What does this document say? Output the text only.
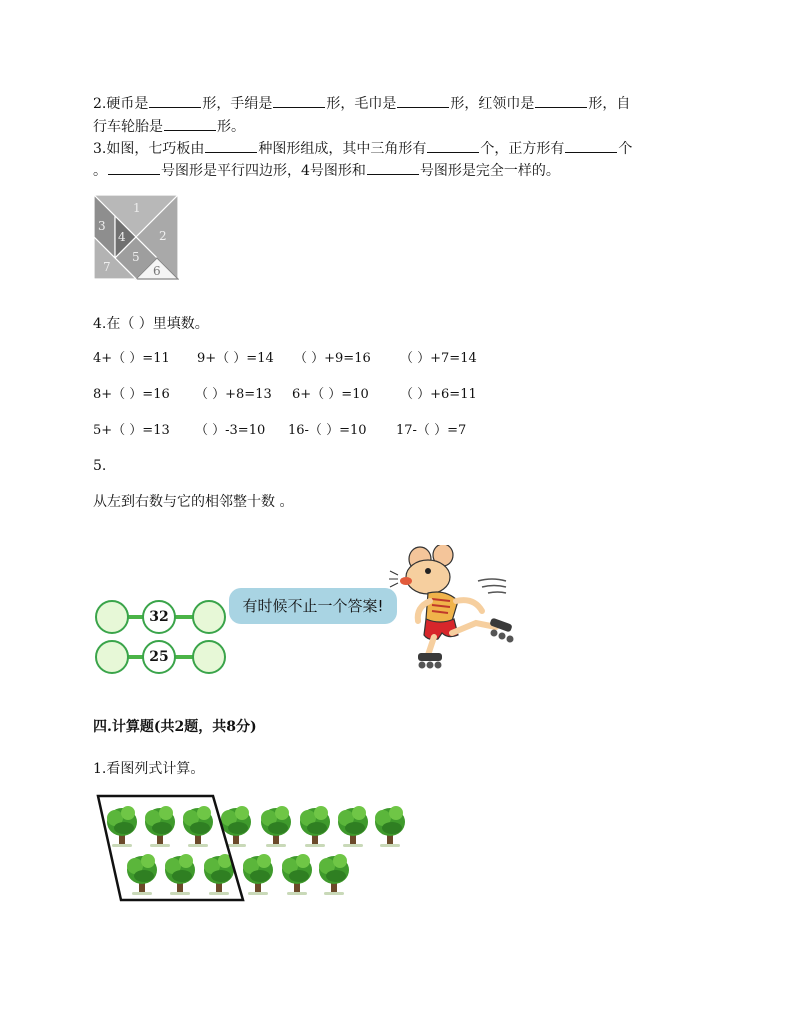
2.硬币是	形，手绢是	形，毛巾是	形，红领巾是	形，自
行车轮胎是	形。
3.如图，七巧板由	种图形组成，其中三角形有	个，正方形有	个
。	号图形是平行四边形，4号图形和	号图形是完全一样的。
1
2
3
4
5
6
7
4.在（ ）里填数。
4+（ ）=11 9+（ ）=14 （ ）+9=16 （ ）+7=14
8+（ ）=16 （ ）+8=13 6+（ ）=10 （ ）+6=11
5+（ ）=13 （ ）-3=10 16-（ ）=10 17-（ ）=7
5.
从左到右数与它的相邻整十数 。
32
25
有时候不止一个答案!
四.计算题(共2题，共8分)
1.看图列式计算。
